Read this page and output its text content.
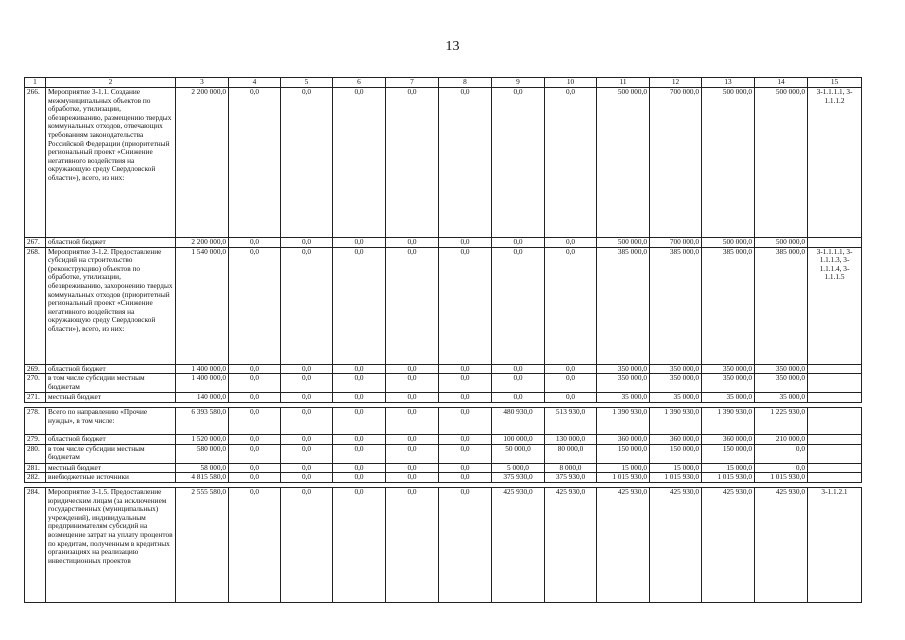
13
1	2	3	4	5	6	7	8	9	10	11	12	13	14	15
266.	Мероприятие 3-1.1. Создание межмуниципальных объектов по обработке, утилизации, обезвреживанию, размещению твердых коммунальных отходов, отвечающих требованиям законодательства Российской Федерации (приоритетный региональный проект «Снижение негативного воздействия на окружающую среду Свердловской области»), всего, из них:	2 200 000,0	0,0	0,0	0,0	0,0	0,0	0,0	0,0	500 000,0	700 000,0	500 000,0	500 000,0	3-1.1.1.1, 3-1.1.1.2
267.	областной бюджет	2 200 000,0	0,0	0,0	0,0	0,0	0,0	0,0	0,0	500 000,0	700 000,0	500 000,0	500 000,0	
268.	Мероприятие 3-1.2. Предоставление субсидий на строительство (реконструкцию) объектов по обработке, утилизации, обезвреживанию, захоронению твердых коммунальных отходов (приоритетный региональный проект «Снижение негативного воздействия на окружающую среду Свердловской области»), всего, из них:	1 540 000,0	0,0	0,0	0,0	0,0	0,0	0,0	0,0	385 000,0	385 000,0	385 000,0	385 000,0	3-1.1.1.1, 3-1.1.1.3, 3-1.1.1.4, 3-1.1.1.5
269.	областной бюджет	1 400 000,0	0,0	0,0	0,0	0,0	0,0	0,0	0,0	350 000,0	350 000,0	350 000,0	350 000,0	
270.	в том числе субсидии местным бюджетам	1 400 000,0	0,0	0,0	0,0	0,0	0,0	0,0	0,0	350 000,0	350 000,0	350 000,0	350 000,0	
271.	местный бюджет	140 000,0	0,0	0,0	0,0	0,0	0,0	0,0	0,0	35 000,0	35 000,0	35 000,0	35 000,0	

278.	Всего по направлению «Прочие нужды», в том числе:	6 393 580,0	0,0	0,0	0,0	0,0	0,0	480 930,0	513 930,0	1 390 930,0	1 390 930,0	1 390 930,0	1 225 930,0	
279.	областной бюджет	1 520 000,0	0,0	0,0	0,0	0,0	0,0	100 000,0	130 000,0	360 000,0	360 000,0	360 000,0	210 000,0	
280.	в том числе субсидии местным бюджетам	580 000,0	0,0	0,0	0,0	0,0	0,0	50 000,0	80 000,0	150 000,0	150 000,0	150 000,0	0,0	
281.	местный бюджет	58 000,0	0,0	0,0	0,0	0,0	0,0	5 000,0	8 000,0	15 000,0	15 000,0	15 000,0	0,0	
282.	внебюджетные источники	4 815 580,0	0,0	0,0	0,0	0,0	0,0	375 930,0	375 930,0	1 015 930,0	1 015 930,0	1 015 930,0	1 015 930,0	

284.	Мероприятие 3-1.5. Предоставление юридическим лицам (за исключением государственных (муниципальных) учреждений), индивидуальным предпринимателям субсидий на возмещение затрат на уплату процентов по кредитам, полученным в кредитных организациях на реализацию инвестиционных проектов	2 555 580,0	0,0	0,0	0,0	0,0	0,0	425 930,0	425 930,0	425 930,0	425 930,0	425 930,0	425 930,0	3-1.1.2.1
